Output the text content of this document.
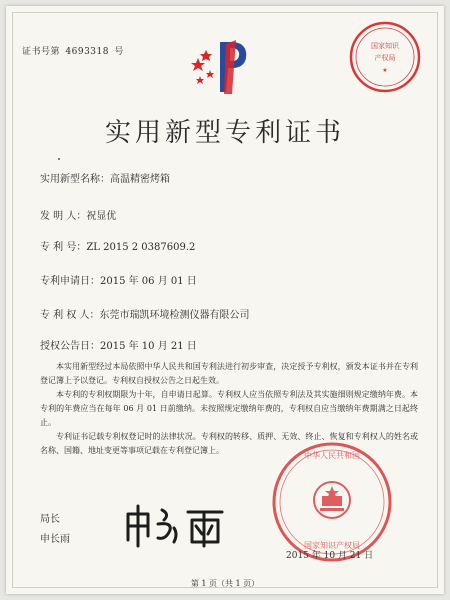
证书号第 4693318 号
国家知识
产权局
★
实用新型专利证书
实用新型名称：高温精密烤箱
发 明 人：祝显优
专 利 号：ZL 2015 2 0387609.2
专利申请日：2015 年 06 月 01 日
专 利 权 人：东莞市瑞凯环境检测仪器有限公司
授权公告日：2015 年 10 月 21 日

本实用新型经过本局依照中华人民共和国专利法进行初步审查，决定授予专利权，颁发本证书并在专利登记簿上予以登记。专利权自授权公告之日起生效。

本专利的专利权期限为十年，自申请日起算。专利权人应当依照专利法及其实施细则规定缴纳年费。本专利的年费应当在每年 06 月 01 日前缴纳。未按照规定缴纳年费的，专利权自应当缴纳年费期满之日起终止。

专利证书记载专利权登记时的法律状况。专利权的转移、质押、无效、终止、恢复和专利权人的姓名或名称、国籍、地址变更等事项记载在专利登记簿上。

中华人民共和国
国家知识产权局
局长
申长雨
2015 年 10 月 21 日
第 1 页（共 1 页）
